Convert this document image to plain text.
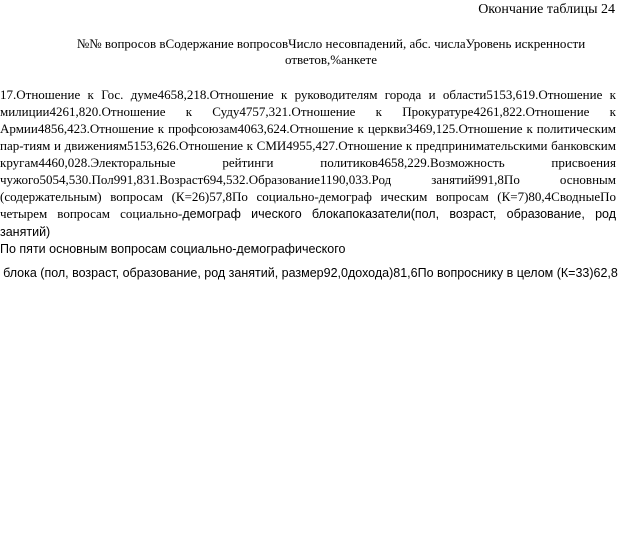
Окончание таблицы 24
№№ вопросов вСодержание вопросовЧисло несовпадений, абс. числаУровень искренности ответов,%анкете

17.Отношение к Гос. думе4658,218.Отношение к руководителям города и области5153,619.Отношение к милиции4261,820.Отношение к Суду4757,321.Отношение к Прокуратуре4261,822.Отношение к Армии4856,423.Отношение к профсоюзам4063,624.Отношение к церкви3469,125.Отношение к политическим пар-тиям и движениям5153,626.Отношение к СМИ4955,427.Отношение к предпринимательскими банковским кругам4460,028.Электоральные рейтинги политиков4658,229.Возможность присвоения чужого5054,530.Пол991,831.Возраст694,532.Образование1190,033.Род занятий991,8По основным (содержательным) вопросам (К=26)57,8По социально-демограф ическим вопросам (К=7)80,4СводныеПо четырем вопросам социально-демограф ического блокапоказатели(пол, возраст, образование, род занятий)

По пяти основным вопросам социально-демографического

блока (пол, возраст, образование, род занятий, размер92,0дохода)81,6По вопроснику в целом (К=33)62,8
